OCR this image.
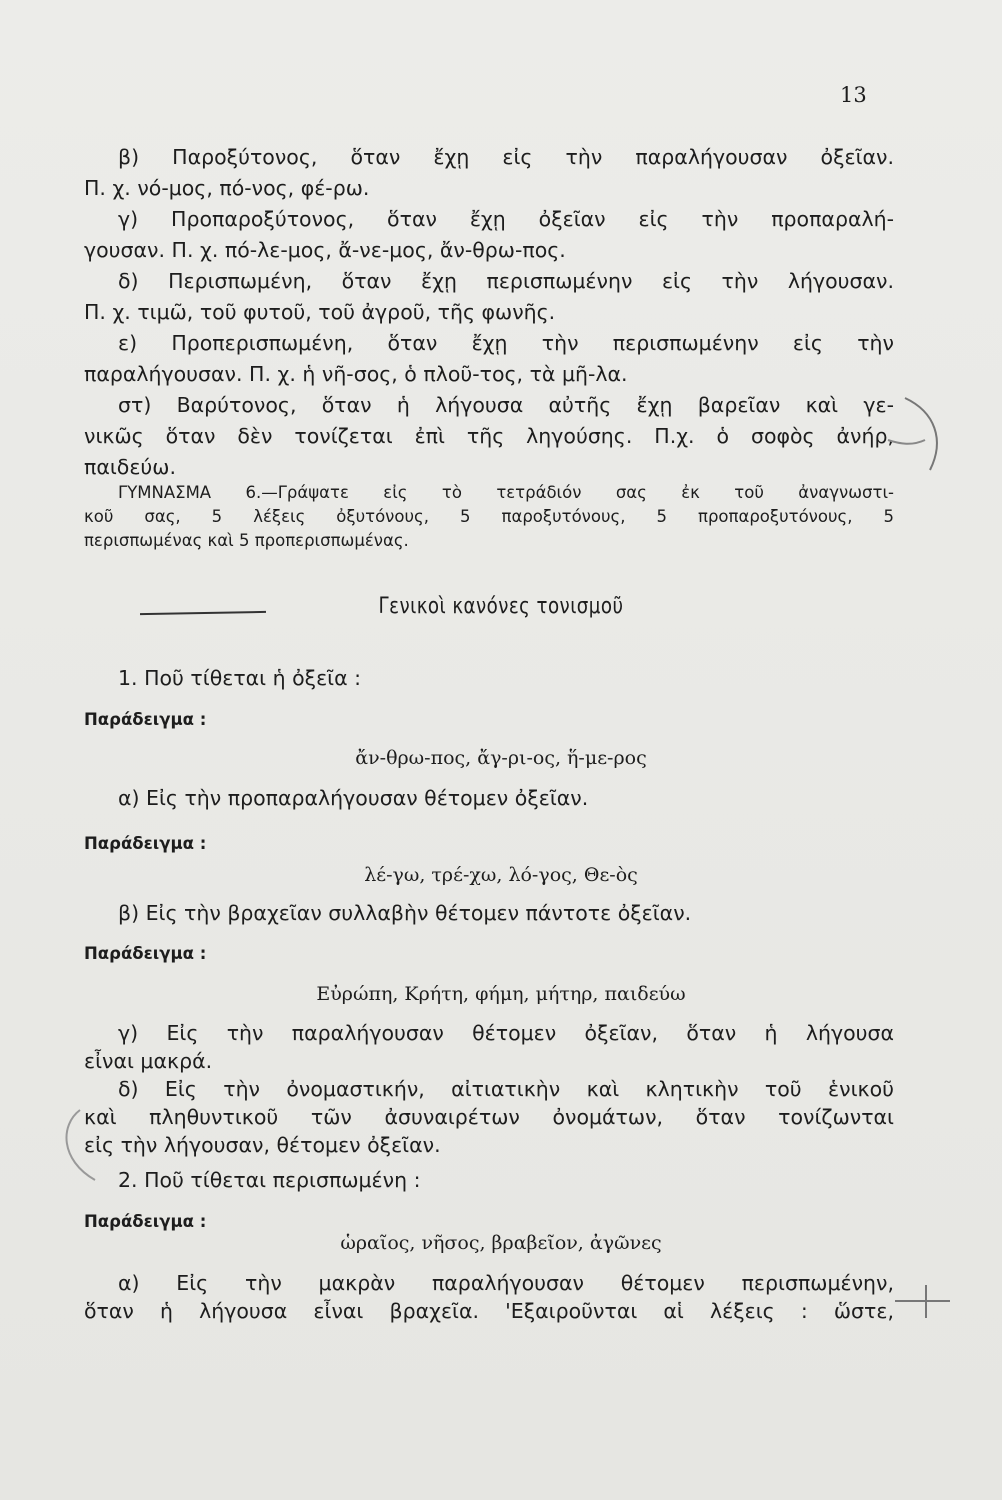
13
β) Παροξύτονος, ὅταν ἔχῃ εἰς τὴν παραλήγουσαν ὀξεῖαν.
Π. χ. νό-μος, πό-νος, φέ-ρω.
γ) Προπαροξύτονος, ὅταν ἔχῃ ὀξεῖαν εἰς τὴν προπαραλή-
γουσαν. Π. χ. πό-λε-μος, ἄ-νε-μος, ἄν-θρω-πος.
δ) Περισπωμένη, ὅταν ἔχῃ περισπωμένην εἰς τὴν λήγουσαν.
Π. χ. τιμῶ, τοῦ φυτοῦ, τοῦ ἀγροῦ, τῆς φωνῆς.
ε) Προπερισπωμένη, ὅταν ἔχῃ τὴν περισπωμένην εἰς τὴν
παραλήγουσαν. Π. χ. ἡ νῆ-σος, ὁ πλοῦ-τος, τὰ μῆ-λα.
στ) Βαρύτονος, ὅταν ἡ λήγουσα αὐτῆς ἔχῃ βαρεῖαν καὶ γε-
νικῶς ὅταν δὲν τονίζεται ἐπὶ τῆς ληγούσης. Π.χ. ὁ σοφὸς ἀνήρ,
παιδεύω.
ΓΥΜΝΑΣΜΑ 6.—Γράψατε εἰς τὸ τετράδιόν σας ἐκ τοῦ ἀναγνωστι-
κοῦ σας, 5 λέξεις ὀξυτόνους, 5 παροξυτόνους, 5 προπαροξυτόνους, 5
περισπωμένας καὶ 5 προπερισπωμένας.
Γενικοὶ κανόνες τονισμοῦ
1. Ποῦ τίθεται ἡ ὀξεῖα :
Παράδειγμα :
ἄν-θρω-πος, ἄγ-ρι-ος, ἥ-με-ρος
α) Εἰς τὴν προπαραλήγουσαν θέτομεν ὀξεῖαν.
Παράδειγμα :
λέ-γω, τρέ-χω, λό-γος, Θε-ὸς
β) Εἰς τὴν βραχεῖαν συλλαβὴν θέτομεν πάντοτε ὀξεῖαν.
Παράδειγμα :
Εὐρώπη, Κρήτη, φήμη, μήτηρ, παιδεύω
γ) Εἰς τὴν παραλήγουσαν θέτομεν ὀξεῖαν, ὅταν ἡ λήγουσα
εἶναι μακρά.
δ) Εἰς τὴν ὀνομαστικήν, αἰτιατικὴν καὶ κλητικὴν τοῦ ἑνικοῦ
καὶ πληθυντικοῦ τῶν ἀσυναιρέτων ὀνομάτων, ὅταν τονίζωνται
εἰς τὴν λήγουσαν, θέτομεν ὀξεῖαν.
2. Ποῦ τίθεται περισπωμένη :
Παράδειγμα :
ὡραῖος, νῆσος, βραβεῖον, ἀγῶνες
α) Εἰς τὴν μακρὰν παραλήγουσαν θέτομεν περισπωμένην,
ὅταν ἡ λήγουσα εἶναι βραχεῖα. 'Εξαιροῦνται αἱ λέξεις : ὥστε,
